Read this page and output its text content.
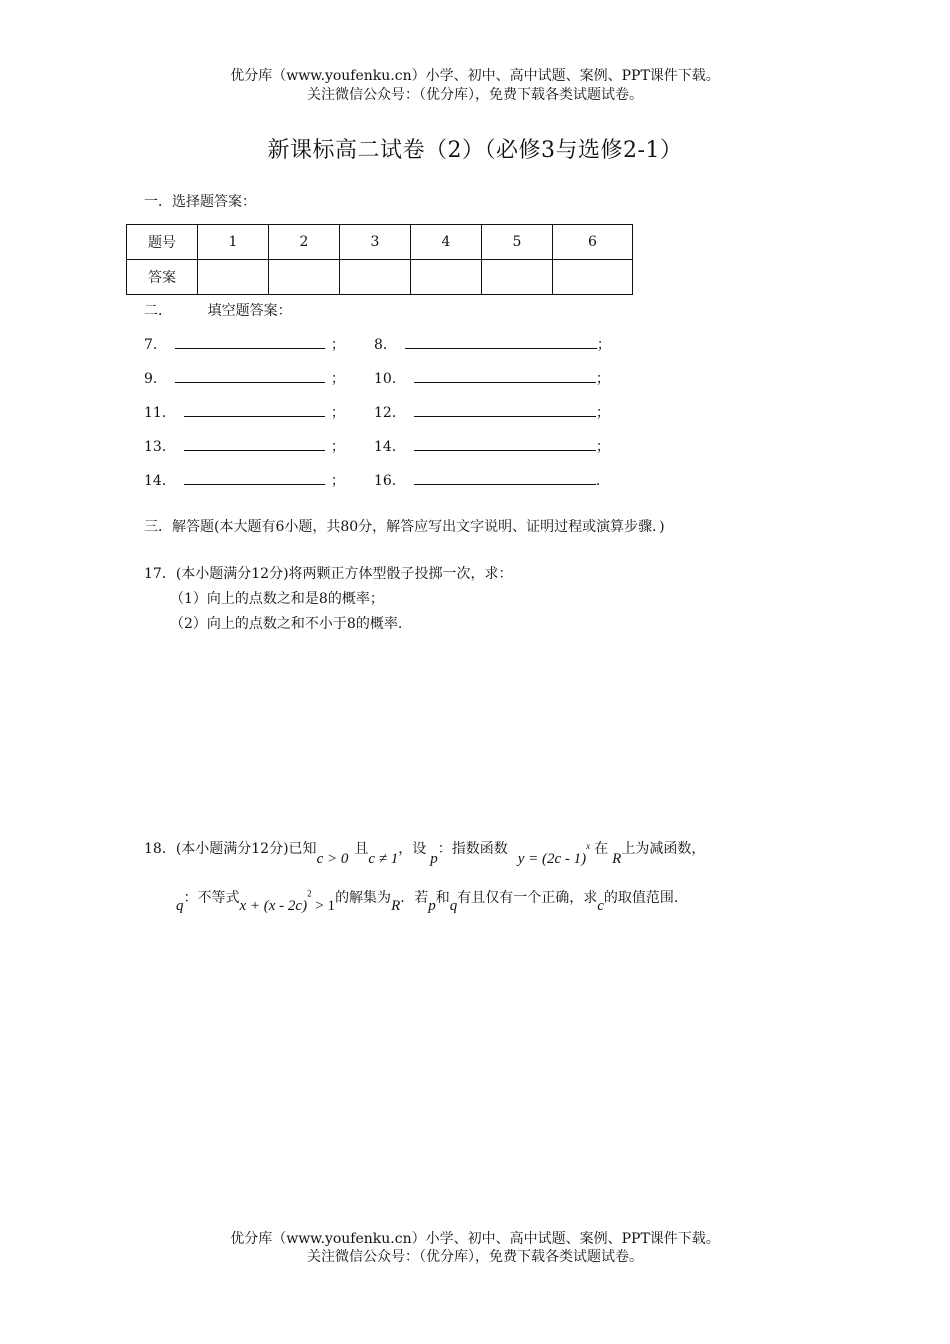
优分库（www.youfenku.cn）小学、初中、高中试题、案例、PPT课件下载。
关注微信公众号：（优分库），免费下载各类试题试卷。
新课标高二试卷（2）（必修3与选修2-1）
一．选择题答案：
题号	1	2	3	4	5	6
答案						
二．        填空题答案：
7．	； 8．	；
9．	； 10．	；
11．	； 12．	；
13．	； 14．	；
14．	； 16．	．
三．解答题(本大题有6小题，共80分，解答应写出文字说明、证明过程或演算步骤．)
17．(本小题满分12分)将两颗正方体型骰子投掷一次，求：
（1）向上的点数之和是8的概率；
（2）向上的点数之和不小于8的概率.
18．(本小题满分12分)已知c > 0且c ≠ 1，设p：指数函数y = (2c - 1)$^x$ 在R上为减函数，
q：不等式x + (x - 2c)$^2$ > 1的解集为R．若p和q有且仅有一个正确，求c的取值范围.
优分库（www.youfenku.cn）小学、初中、高中试题、案例、PPT课件下载。
关注微信公众号：（优分库），免费下载各类试题试卷。
